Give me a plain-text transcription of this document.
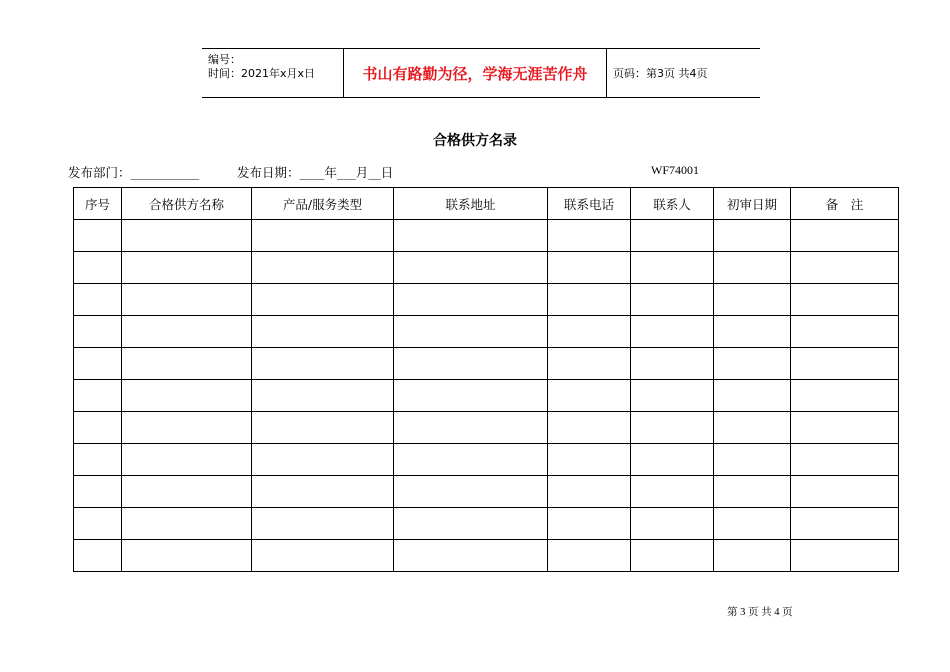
编号：
时间：2021年x月x日	书山有路勤为径，学海无涯苦作舟 页码：第3页 共4页
合格供方名录
发布部门：___________	发布日期：____年___月__日	WF74001
序号	合格供方名称	产品/服务类型	联系地址	联系电话	联系人	初审日期	备　注

第 3 页 共 4 页
